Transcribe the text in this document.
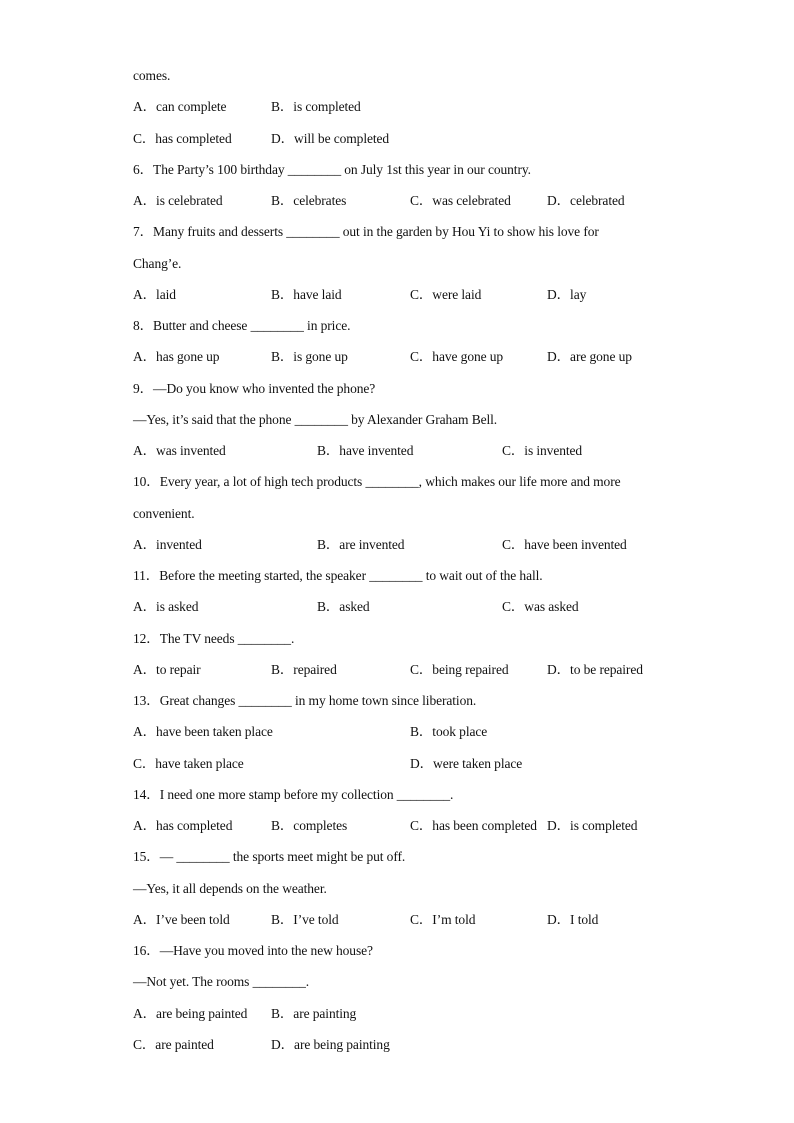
comes.
A．can complete	B．is completed
C．has completed	D．will be completed
6．The Party’s 100 birthday ________ on July 1st this year in our country.
A．is celebrated	B．celebrates	C．was celebrated	D．celebrated
7．Many fruits and desserts ________ out in the garden by Hou Yi to show his love for
Chang’e.
A．laid	B．have laid	C．were laid	D．lay
8．Butter and cheese ________ in price.
A．has gone up	B．is gone up	C．have gone up	D．are gone up
9．—Do you know who invented the phone?
—Yes, it’s said that the phone ________ by Alexander Graham Bell.
A．was invented	B．have invented	C．is invented
10．Every year, a lot of high tech products ________, which makes our life more and more
convenient.
A．invented	B．are invented	C．have been invented
11．Before the meeting started, the speaker ________ to wait out of the hall.
A．is asked	B．asked	C．was asked
12．The TV needs ________.
A．to repair	B．repaired	C．being repaired	D．to be repaired
13．Great changes ________ in my home town since liberation.
A．have been taken place	B．took place
C．have taken place	D．were taken place
14．I need one more stamp before my collection ________.
A．has completed	B．completes	C．has been completed D．is completed
15．— ________ the sports meet might be put off.
—Yes, it all depends on the weather.
A．I’ve been told	B．I’ve told	C．I’m told	D．I told
16．—Have you moved into the new house?
—Not yet. The rooms ________.
A．are being painted B．are painting
C．are painted	D．are being painting
